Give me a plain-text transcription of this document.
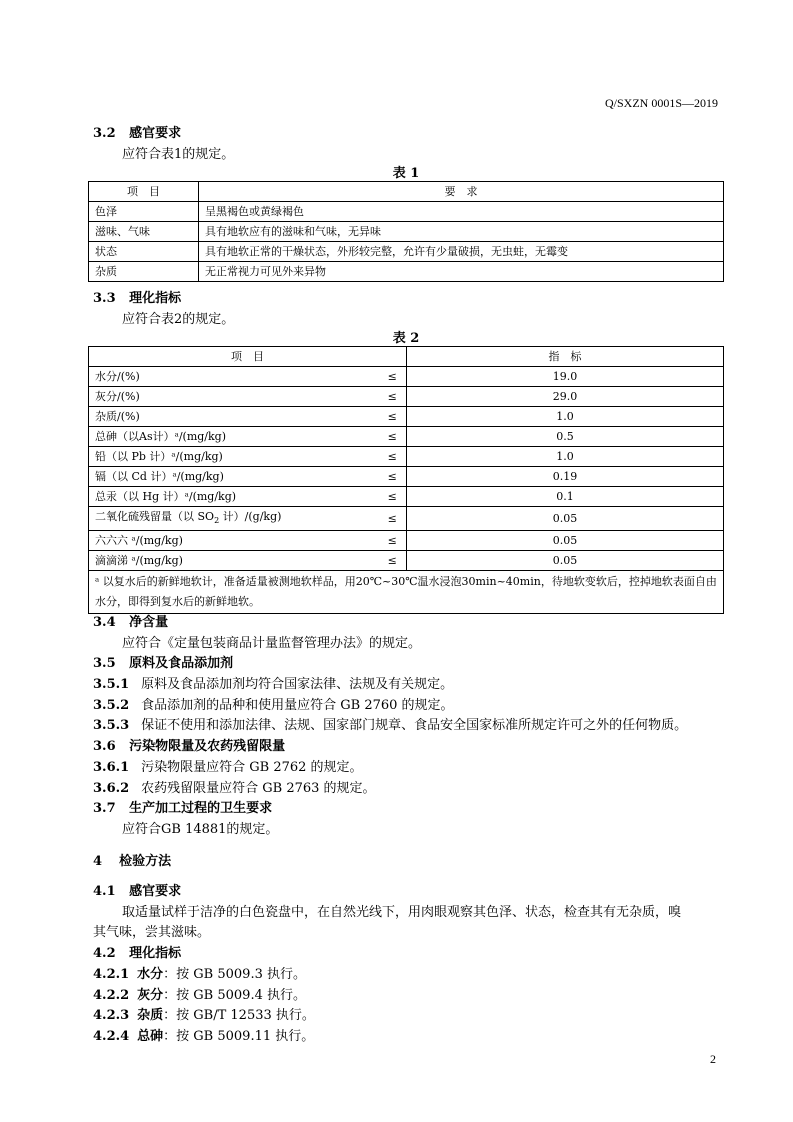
Q/SXZN 0001S—2019
3.2 感官要求
应符合表1的规定。
表 1
项　目	要　求
色泽	呈黑褐色或黄绿褐色
滋味、气味	具有地软应有的滋味和气味，无异味
状态	具有地软正常的干燥状态，外形较完整，允许有少量破损，无虫蛀，无霉变
杂质	无正常视力可见外来异物
3.3 理化指标
应符合表2的规定。
表 2
项　目		指　标
水分/(%)	≤	19.0
灰分/(%)	≤	29.0
杂质/(%)	≤	1.0
总砷（以As计）ᵃ/(mg/kg)	≤	0.5
铅（以 Pb 计）ᵃ/(mg/kg)	≤	1.0
镉（以 Cd 计）ᵃ/(mg/kg)	≤	0.19
总汞（以 Hg 计）ᵃ/(mg/kg)	≤	0.1
二氧化硫残留量（以 $SO_2$ 计）/(g/kg)	≤	0.05
六六六 ᵃ/(mg/kg)	≤	0.05
滴滴涕 ᵃ/(mg/kg)	≤	0.05
ᵃ 以复水后的新鲜地软计，准备适量被测地软样品，用20℃~30℃温水浸泡30min~40min，待地软变软后，控掉地软表面自由水分，即得到复水后的新鲜地软。		
3.4 净含量
应符合《定量包装商品计量监督管理办法》的规定。
3.5 原料及食品添加剂
3.5.1 原料及食品添加剂均符合国家法律、法规及有关规定。
3.5.2 食品添加剂的品种和使用量应符合 GB 2760 的规定。
3.5.3 保证不使用和添加法律、法规、国家部门规章、食品安全国家标准所规定许可之外的任何物质。
3.6 污染物限量及农药残留限量
3.6.1 污染物限量应符合 GB 2762 的规定。
3.6.2 农药残留限量应符合 GB 2763 的规定。
3.7 生产加工过程的卫生要求
应符合GB 14881的规定。
4 检验方法
4.1 感官要求
取适量试样于洁净的白色瓷盘中，在自然光线下，用肉眼观察其色泽、状态，检查其有无杂质，嗅
其气味，尝其滋味。
4.2 理化指标
4.2.1 水分：按 GB 5009.3 执行。
4.2.2 灰分：按 GB 5009.4 执行。
4.2.3 杂质：按 GB/T 12533 执行。
4.2.4 总砷：按 GB 5009.11 执行。
2
